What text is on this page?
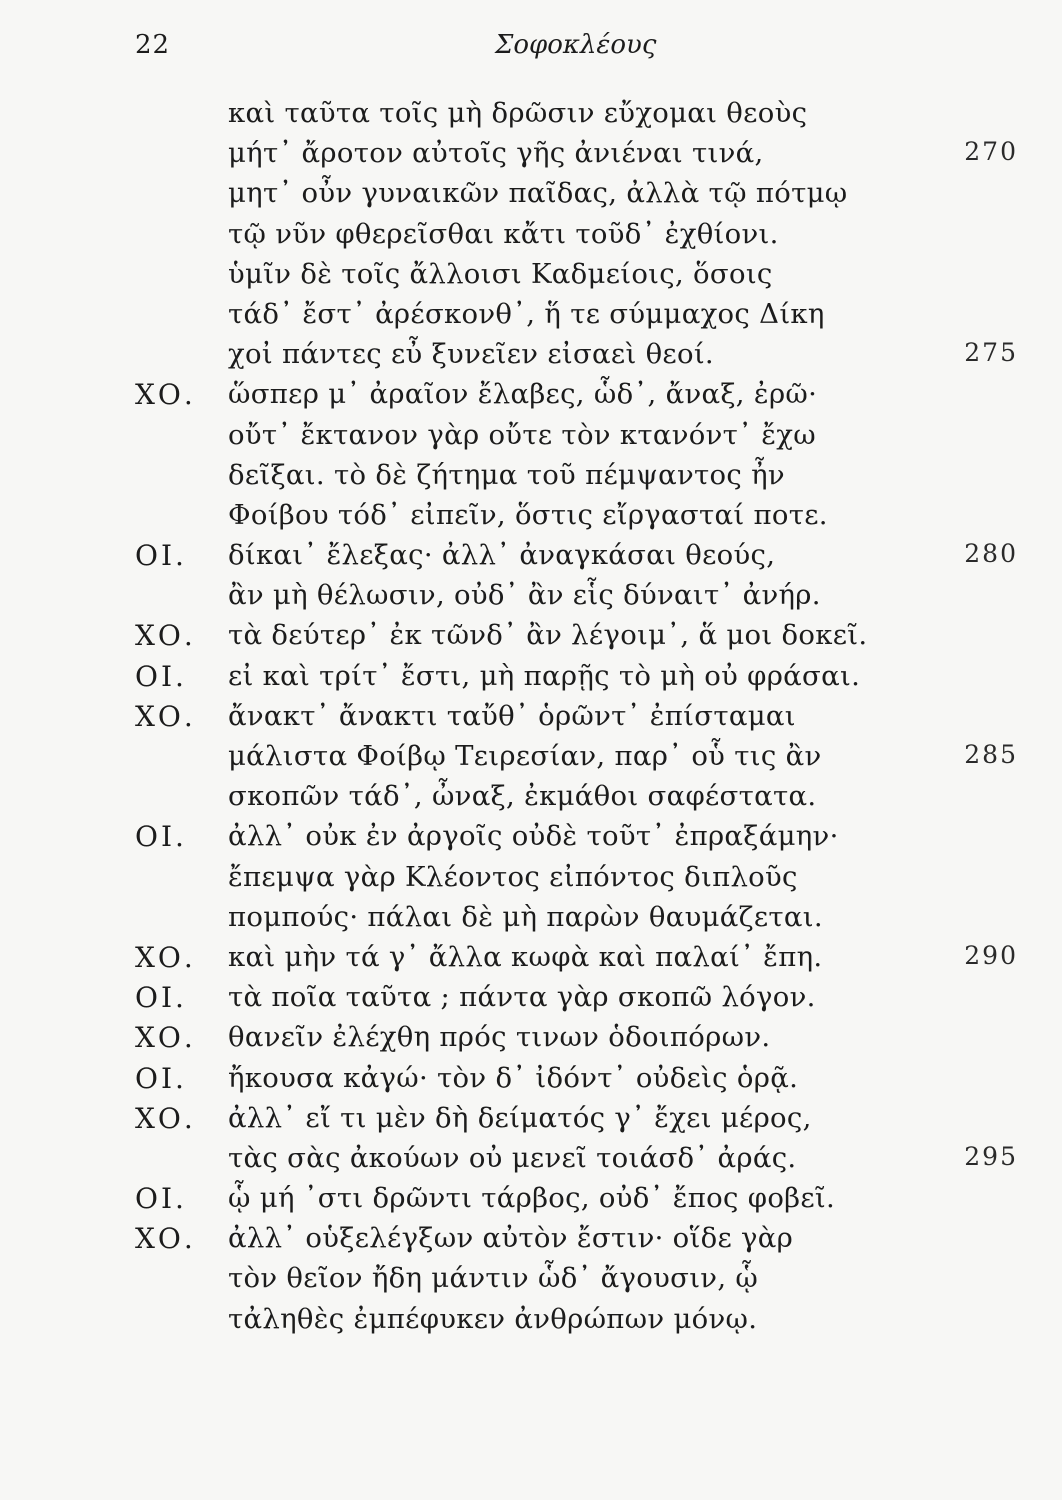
22	Σοφοκλέους
καὶ ταῦτα τοῖς μὴ δρῶσιν εὔχομαι θεοὺς
μήτ᾽ ἄροτον αὐτοῖς γῆς ἀνιέναι τινά,	270
μητ᾽ οὖν γυναικῶν παῖδας, ἀλλὰ τῷ πότμῳ
τῷ νῦν φθερεῖσθαι κἄτι τοῦδ᾽ ἐχθίονι.
ὑμῖν δὲ τοῖς ἄλλοισι Καδμείοις, ὅσοις
τάδ᾽ ἔστ᾽ ἀρέσκονθ᾽, ἥ τε σύμμαχος Δίκη
χοἰ πάντες εὖ ξυνεῖεν εἰσαεὶ θεοί.	275
ΧΟ. ὥσπερ μ᾽ ἀραῖον ἔλαβες, ὧδ᾽, ἄναξ, ἐρῶ·
οὔτ᾽ ἔκτανον γὰρ οὔτε τὸν κτανόντ᾽ ἔχω
δεῖξαι. τὸ δὲ ζήτημα τοῦ πέμψαντος ἦν
Φοίβου τόδ᾽ εἰπεῖν, ὅστις εἴργασταί ποτε.
ΟΙ. δίκαι᾽ ἔλεξας· ἀλλ᾽ ἀναγκάσαι θεούς,	280
ἂν μὴ θέλωσιν, οὐδ᾽ ἂν εἷς δύναιτ᾽ ἀνήρ.
ΧΟ. τὰ δεύτερ᾽ ἐκ τῶνδ᾽ ἂν λέγοιμ᾽, ἅ μοι δοκεῖ.
ΟΙ. εἰ καὶ τρίτ᾽ ἔστι, μὴ παρῇς τὸ μὴ οὐ φράσαι.
ΧΟ. ἄνακτ᾽ ἄνακτι ταὔθ᾽ ὁρῶντ᾽ ἐπίσταμαι
μάλιστα Φοίβῳ Τειρεσίαν, παρ᾽ οὗ τις ἂν	285
σκοπῶν τάδ᾽, ὦναξ, ἐκμάθοι σαφέστατα.
ΟΙ. ἀλλ᾽ οὐκ ἐν ἀργοῖς οὐδὲ τοῦτ᾽ ἐπραξάμην·
ἔπεμψα γὰρ Κλέοντος εἰπόντος διπλοῦς
πομπούς· πάλαι δὲ μὴ παρὼν θαυμάζεται.
ΧΟ. καὶ μὴν τά γ᾽ ἄλλα κωφὰ καὶ παλαί᾽ ἔπη.	290
ΟΙ. τὰ ποῖα ταῦτα ; πάντα γὰρ σκοπῶ λόγον.
ΧΟ. θανεῖν ἐλέχθη πρός τινων ὁδοιπόρων.
ΟΙ. ἤκουσα κἀγώ· τὸν δ᾽ ἰδόντ᾽ οὐδεὶς ὁρᾷ.
ΧΟ. ἀλλ᾽ εἴ τι μὲν δὴ δείματός γ᾽ ἔχει μέρος,
τὰς σὰς ἀκούων οὐ μενεῖ τοιάσδ᾽ ἀράς.	295
ΟΙ. ᾧ μή ᾽στι δρῶντι τάρβος, οὐδ᾽ ἔπος φοβεῖ.
ΧΟ. ἀλλ᾽ οὑξελέγξων αὐτὸν ἔστιν· οἵδε γὰρ
τὸν θεῖον ἤδη μάντιν ὧδ᾽ ἄγουσιν, ᾧ
τἀληθὲς ἐμπέφυκεν ἀνθρώπων μόνῳ.
